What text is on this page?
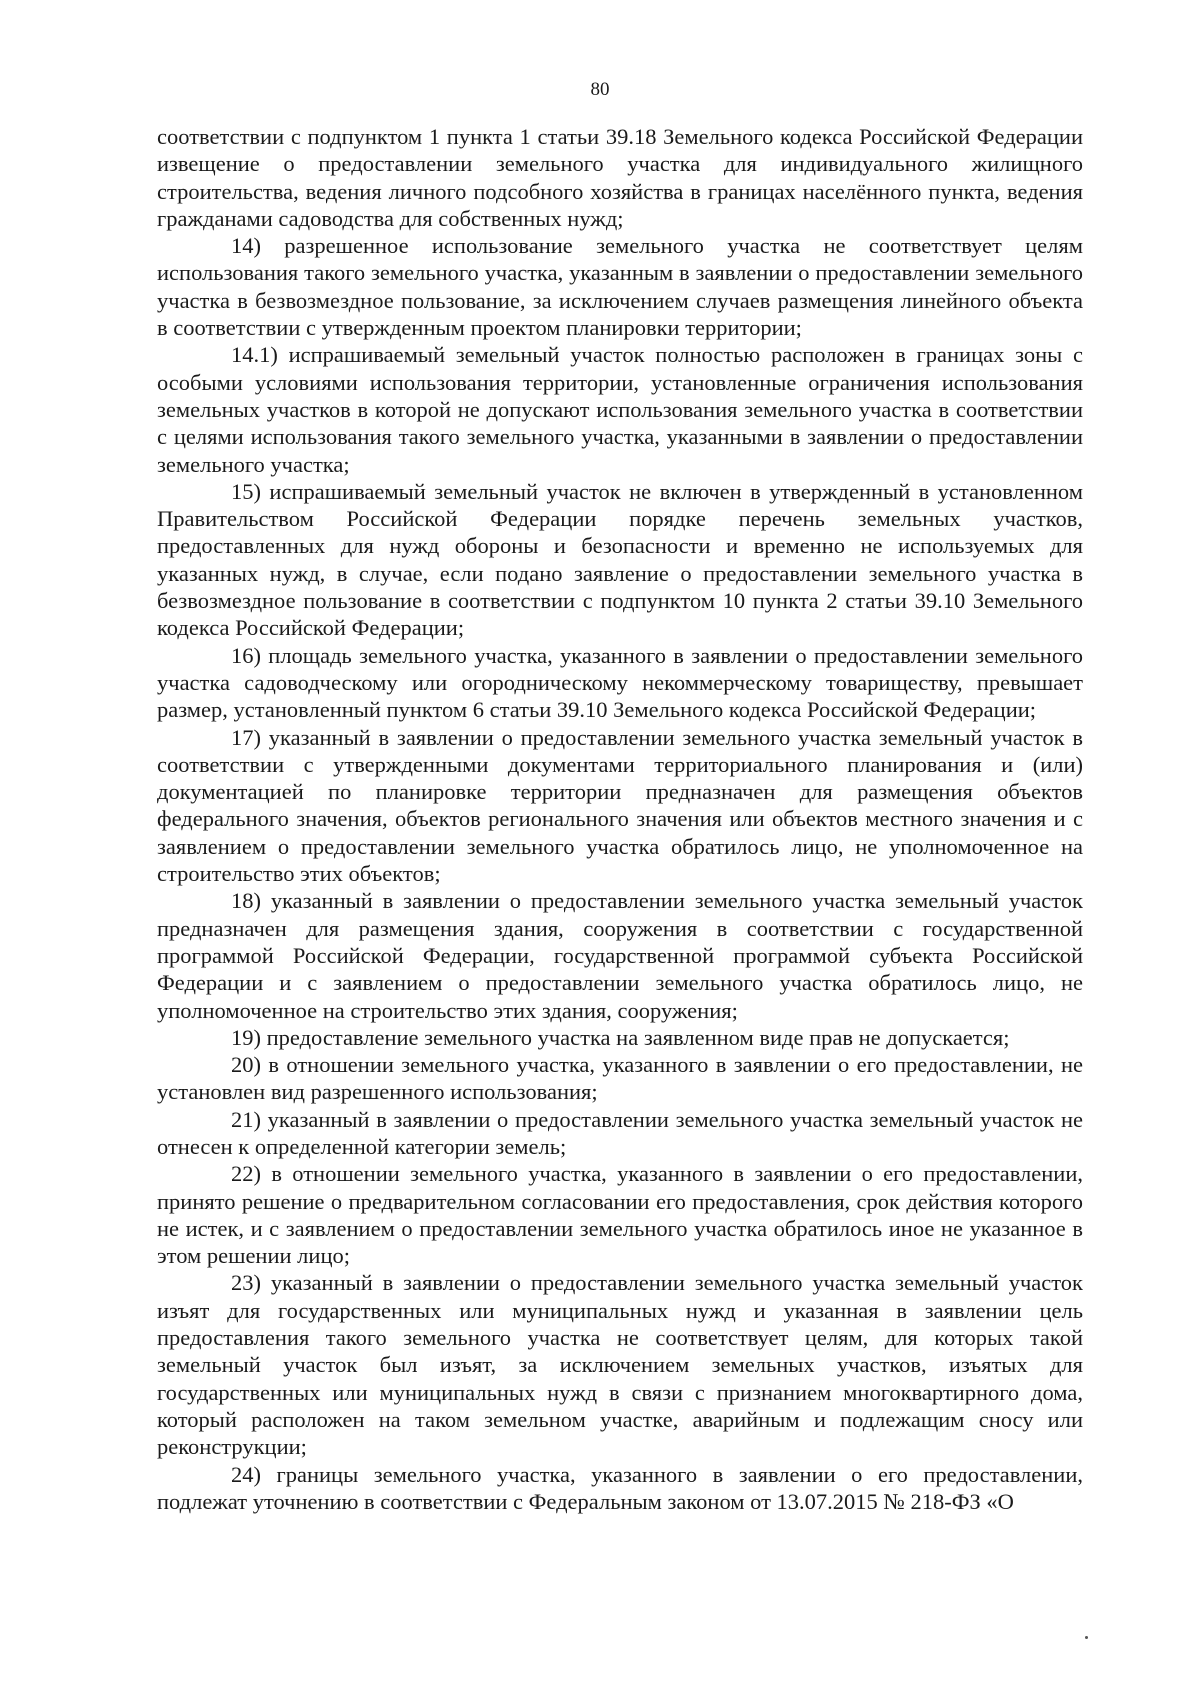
80

соответствии с подпунктом 1 пункта 1 статьи 39.18 Земельного кодекса Российской Федерации извещение о предоставлении земельного участка для индивидуального жилищного строительства, ведения личного подсобного хозяйства в границах населённого пункта, ведения гражданами садоводства для собственных нужд;

14) разрешенное использование земельного участка не соответствует целям использования такого земельного участка, указанным в заявлении о предоставлении земельного участка в безвозмездное пользование, за исключением случаев размещения линейного объекта в соответствии с утвержденным проектом планировки территории;

14.1) испрашиваемый земельный участок полностью расположен в границах зоны с особыми условиями использования территории, установленные ограничения использования земельных участков в которой не допускают использования земельного участка в соответствии с целями использования такого земельного участка, указанными в заявлении о предоставлении земельного участка;

15) испрашиваемый земельный участок не включен в утвержденный в установленном Правительством Российской Федерации порядке перечень земельных участков, предоставленных для нужд обороны и безопасности и временно не используемых для указанных нужд, в случае, если подано заявление о предоставлении земельного участка в безвозмездное пользование в соответствии с подпунктом 10 пункта 2 статьи 39.10 Земельного кодекса Российской Федерации;

16) площадь земельного участка, указанного в заявлении о предоставлении земельного участка садоводческому или огородническому некоммерческому товариществу, превышает размер, установленный пунктом 6 статьи 39.10 Земельного кодекса Российской Федерации;

17) указанный в заявлении о предоставлении земельного участка земельный участок в соответствии с утвержденными документами территориального планирования и (или) документацией по планировке территории предназначен для размещения объектов федерального значения, объектов регионального значения или объектов местного значения и с заявлением о предоставлении земельного участка обратилось лицо, не уполномоченное на строительство этих объектов;

18) указанный в заявлении о предоставлении земельного участка земельный участок предназначен для размещения здания, сооружения в соответствии с государственной программой Российской Федерации, государственной программой субъекта Российской Федерации и с заявлением о предоставлении земельного участка обратилось лицо, не уполномоченное на строительство этих здания, сооружения;

19) предоставление земельного участка на заявленном виде прав не допускается;

20) в отношении земельного участка, указанного в заявлении о его предоставлении, не установлен вид разрешенного использования;

21) указанный в заявлении о предоставлении земельного участка земельный участок не отнесен к определенной категории земель;

22) в отношении земельного участка, указанного в заявлении о его предоставлении, принято решение о предварительном согласовании его предоставления, срок действия которого не истек, и с заявлением о предоставлении земельного участка обратилось иное не указанное в этом решении лицо;

23) указанный в заявлении о предоставлении земельного участка земельный участок изъят для государственных или муниципальных нужд и указанная в заявлении цель предоставления такого земельного участка не соответствует целям, для которых такой земельный участок был изъят, за исключением земельных участков, изъятых для государственных или муниципальных нужд в связи с признанием многоквартирного дома, который расположен на таком земельном участке, аварийным и подлежащим сносу или реконструкции;

24) границы земельного участка, указанного в заявлении о его предоставлении, подлежат уточнению в соответствии с Федеральным законом от 13.07.2015 № 218-ФЗ «О
